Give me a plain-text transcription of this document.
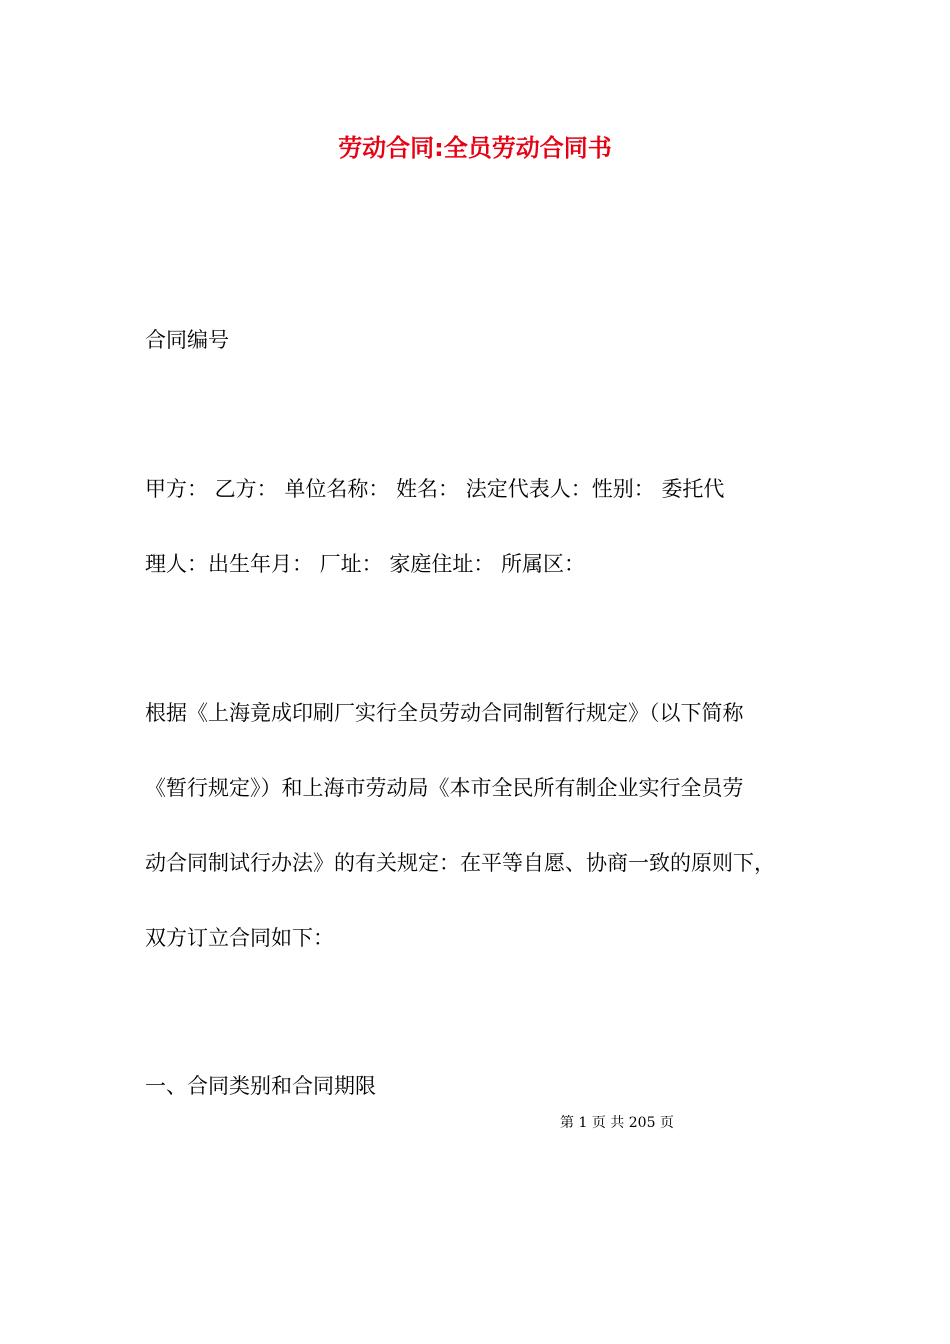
劳动合同:全员劳动合同书
合同编号
甲方： 乙方： 单位名称： 姓名： 法定代表人：性别： 委托代
理人：出生年月： 厂址： 家庭住址： 所属区：
根据《上海竟成印刷厂实行全员劳动合同制暂行规定》（以下简称
《暂行规定》）和上海市劳动局《本市全民所有制企业实行全员劳
动合同制试行办法》的有关规定：在平等自愿、协商一致的原则下，
双方订立合同如下：
一、合同类别和合同期限
第 1 页 共 205 页
